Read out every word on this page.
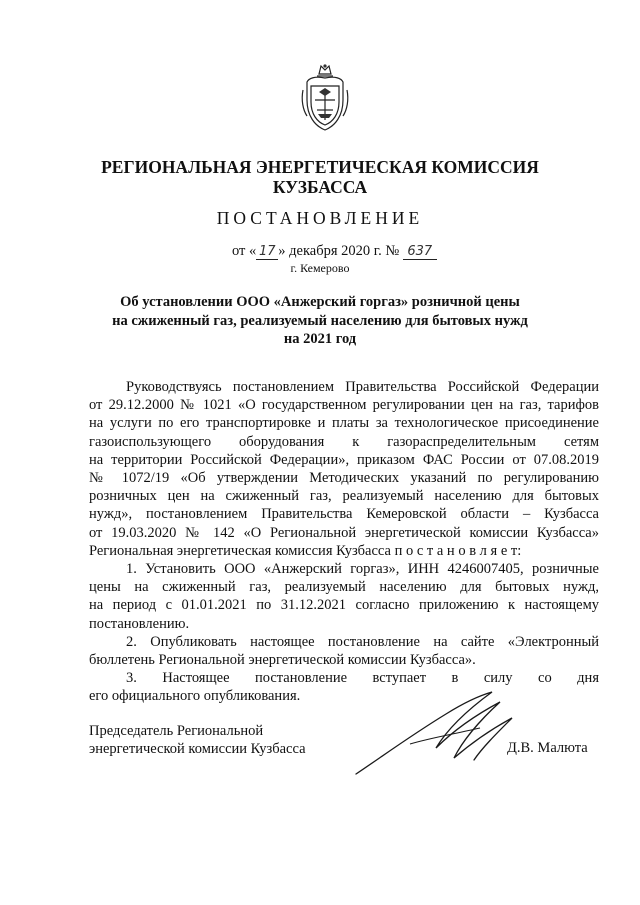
РЕГИОНАЛЬНАЯ ЭНЕРГЕТИЧЕСКАЯ КОМИССИЯ
КУЗБАССА
ПОСТАНОВЛЕНИЕ
от « 17 » декабря 2020 г. № 637
г. Кемерово
Об установлении ООО «Анжерский горгаз» розничной цены
на сжиженный газ, реализуемый населению для бытовых нужд
на 2021 год
Руководствуясь постановлением Правительства Российской Федерации
от 29.12.2000 № 1021 «О государственном регулировании цен на газ, тарифов
на услуги по его транспортировке и платы за технологическое присоединение
газоиспользующего оборудования к газораспределительным сетям
на территории Российской Федерации», приказом ФАС России от 07.08.2019
№ 1072/19 «Об утверждении Методических указаний по регулированию
розничных цен на сжиженный газ, реализуемый населению для бытовых
нужд», постановлением Правительства Кемеровской области – Кузбасса
от 19.03.2020 № 142 «О Региональной энергетической комиссии Кузбасса»
Региональная энергетическая комиссия Кузбасса п о с т а н о в л я е т:
1. Установить ООО «Анжерский горгаз», ИНН 4246007405, розничные
цены на сжиженный газ, реализуемый населению для бытовых нужд,
на период с 01.01.2021 по 31.12.2021 согласно приложению к настоящему
постановлению.
2. Опубликовать настоящее постановление на сайте «Электронный
бюллетень Региональной энергетической комиссии Кузбасса».
3. Настоящее постановление вступает в силу со дня
его официального опубликования.
Председатель Региональной
энергетической комиссии Кузбасса	Д.В. Малюта
